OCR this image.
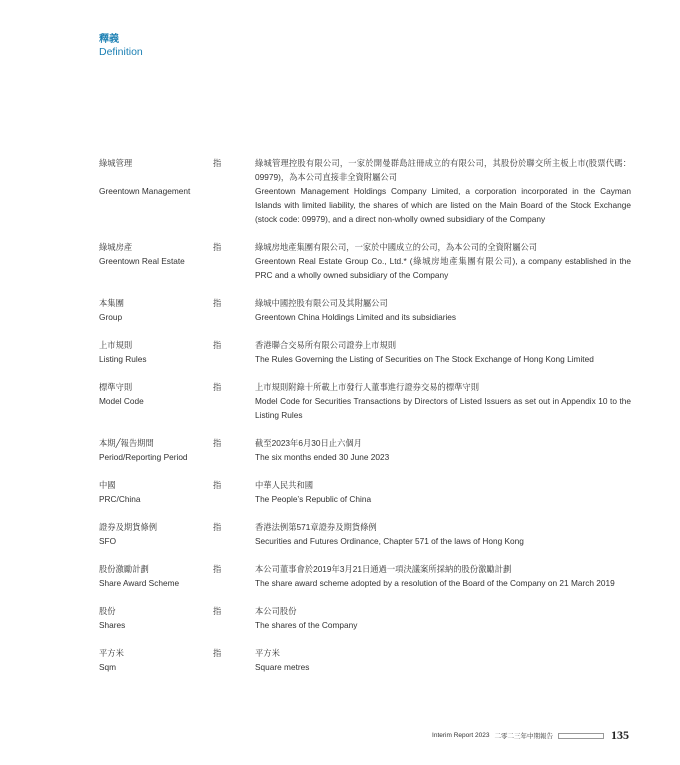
釋義
Definition
綠城管理
Greentown Management
指	綠城管理控股有限公司，一家於開曼群島註冊成立的有限公司，其股份於聯交所主板上市(股票代碼：09979)，為本公司直接非全資附屬公司
Greentown Management Holdings Company Limited, a corporation incorporated in the Cayman Islands with limited liability, the shares of which are listed on the Main Board of the Stock Exchange (stock code: 09979), and a direct non-wholly owned subsidiary of the Company
綠城房產
Greentown Real Estate
指	綠城房地產集團有限公司，一家於中國成立的公司，為本公司的全資附屬公司
Greentown Real Estate Group Co., Ltd.* (綠城房地產集團有限公司), a company established in the PRC and a wholly owned subsidiary of the Company
本集團
Group
指	綠城中國控股有限公司及其附屬公司
Greentown China Holdings Limited and its subsidiaries
上市規則
Listing Rules
指	香港聯合交易所有限公司證券上市規則
The Rules Governing the Listing of Securities on The Stock Exchange of Hong Kong Limited
標準守則
Model Code
指	上市規則附錄十所載上市發行人董事進行證券交易的標準守則
Model Code for Securities Transactions by Directors of Listed Issuers as set out in Appendix 10 to the Listing Rules
本期╱報告期間
Period/Reporting Period
指	截至2023年6月30日止六個月
The six months ended 30 June 2023
中國
PRC/China
指	中華人民共和國
The People’s Republic of China
證券及期貨條例
SFO
指	香港法例第571章證券及期貨條例
Securities and Futures Ordinance, Chapter 571 of the laws of Hong Kong
股份激勵計劃
Share Award Scheme
指	本公司董事會於2019年3月21日通過一項決議案所採納的股份激勵計劃
The share award scheme adopted by a resolution of the Board of the Company on 21 March 2019
股份
Shares
指	本公司股份
The shares of the Company
平方米
Sqm
指	平方米
Square metres
Interim Report 2023 二零二三年中期報告	135
